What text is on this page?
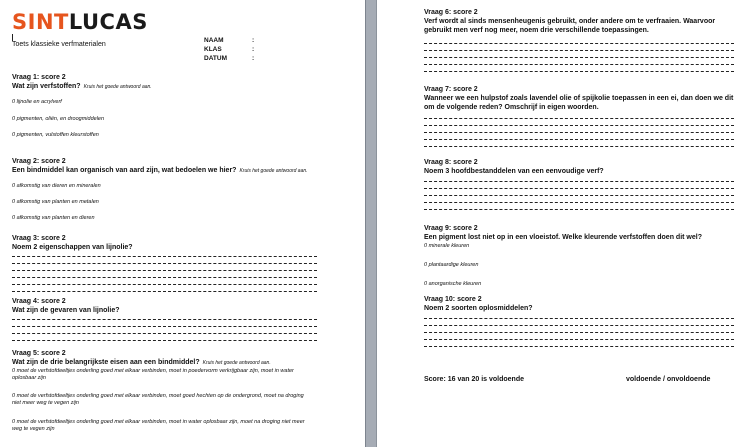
SINTLUCAS
Toets klassieke verfmaterialen
NAAM	:
KLAS	:
DATUM	:
Vraag 1: score 2
Wat zijn verfstoffen? Kruis het goede antwoord aan.
0 lijnolie en acrylverf
0 pigmenten, oliën, en droogmiddelen
0 pigmenten, vulstoffen kleurstoffen
Vraag 2: score 2
Een bindmiddel kan organisch van aard zijn, wat bedoelen we hier? Kruis het goede antwoord aan.
0 afkomstig van dieren en mineralen
0 afkomstig van planten en metalen
0 afkomstig van planten en dieren
Vraag 3: score 2
Noem 2 eigenschappen van lijnolie?
Vraag 4: score 2
Wat zijn de gevaren van lijnolie?
Vraag 5: score 2
Wat zijn de drie belangrijkste eisen aan een bindmiddel? Kruis het goede antwoord aan.
0 moet de verfstofdeeltjes onderling goed met elkaar verbinden, moet in poedervorm verkrijgbaar zijn, moet in water oplosbaar zijn
0 moet de verfstofdeeltjes onderling goed met elkaar verbinden, moet goed hechten op de ondergrond, moet na droging niet meer weg te vegen zijn
0 moet de verfstofdeeltjes onderling goed met elkaar verbinden, moet in water oplosbaar zijn, moet na droging niet meer weg te vegen zijn
Vraag 6: score 2
Verf wordt al sinds mensenheugenis gebruikt, onder andere om te verfraaien. Waarvoor gebruikt men verf nog meer, noem drie verschillende toepassingen.
Vraag 7: score 2
Wanneer we een hulpstof zoals lavendel olie of spijkolie toepassen in een ei, dan doen we dit om de volgende reden? Omschrijf in eigen woorden.
Vraag 8: score 2
Noem 3 hoofdbestanddelen van een eenvoudige verf?
Vraag 9: score 2
Een pigment lost niet op in een vloeistof. Welke kleurende verfstoffen doen dit wel?
0 minerale kleuren
0 plantaardige kleuren
0 anorganische kleuren
Vraag 10: score 2
Noem 2 soorten oplosmiddelen?
Score: 16 van 20 is voldoende	voldoende / onvoldoende
